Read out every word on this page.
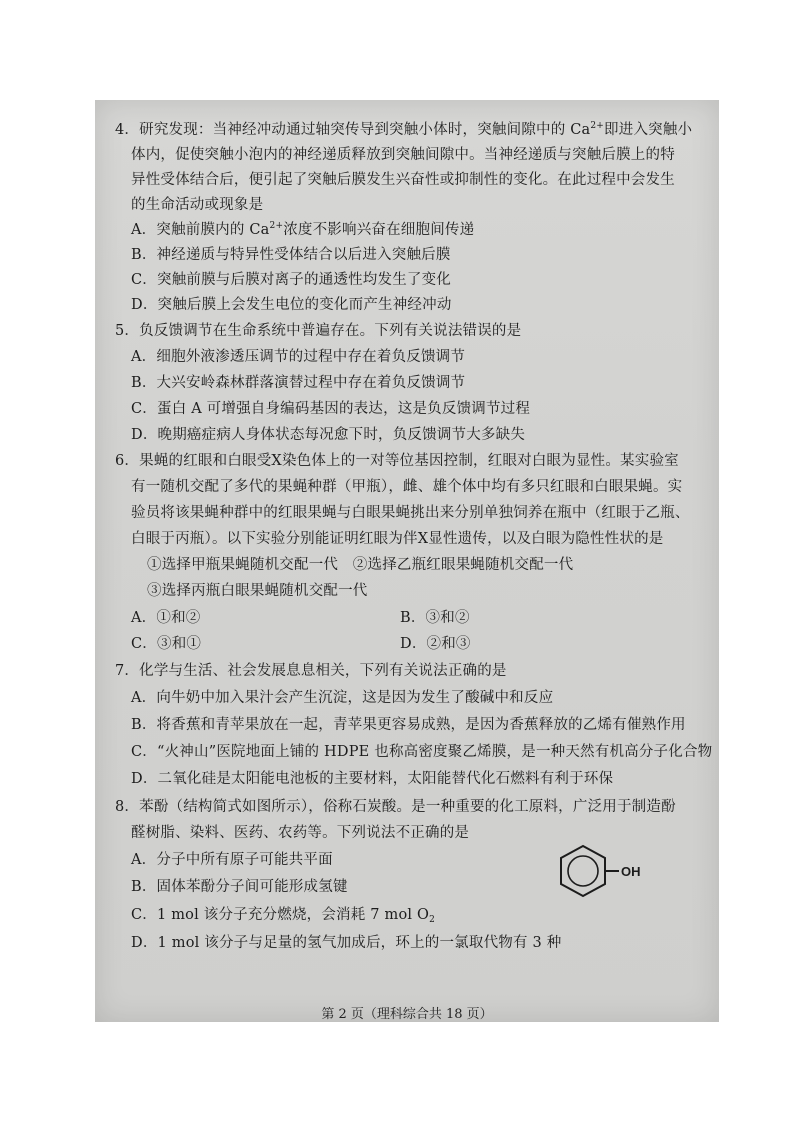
4．研究发现：当神经冲动通过轴突传导到突触小体时，突触间隙中的 $Ca^{2+}$即进入突触小
体内，促使突触小泡内的神经递质释放到突触间隙中。当神经递质与突触后膜上的特
异性受体结合后，便引起了突触后膜发生兴奋性或抑制性的变化。在此过程中会发生
的生命活动或现象是
A．突触前膜内的 $Ca^{2+}$浓度不影响兴奋在细胞间传递
B．神经递质与特异性受体结合以后进入突触后膜
C．突触前膜与后膜对离子的通透性均发生了变化
D．突触后膜上会发生电位的变化而产生神经冲动
5．负反馈调节在生命系统中普遍存在。下列有关说法错误的是
A．细胞外液渗透压调节的过程中存在着负反馈调节
B．大兴安岭森林群落演替过程中存在着负反馈调节
C．蛋白 A 可增强自身编码基因的表达，这是负反馈调节过程
D．晚期癌症病人身体状态每况愈下时，负反馈调节大多缺失
6．果蝇的红眼和白眼受X染色体上的一对等位基因控制，红眼对白眼为显性。某实验室
有一随机交配了多代的果蝇种群（甲瓶），雌、雄个体中均有多只红眼和白眼果蝇。实
验员将该果蝇种群中的红眼果蝇与白眼果蝇挑出来分别单独饲养在瓶中（红眼于乙瓶、
白眼于丙瓶）。以下实验分别能证明红眼为伴X显性遗传，以及白眼为隐性性状的是
①选择甲瓶果蝇随机交配一代　②选择乙瓶红眼果蝇随机交配一代
③选择丙瓶白眼果蝇随机交配一代
A．①和②	B．③和②
C．③和①	D．②和③
7．化学与生活、社会发展息息相关，下列有关说法正确的是
A．向牛奶中加入果汁会产生沉淀，这是因为发生了酸碱中和反应
B．将香蕉和青苹果放在一起，青苹果更容易成熟，是因为香蕉释放的乙烯有催熟作用
C．“火神山”医院地面上铺的 HDPE 也称高密度聚乙烯膜，是一种天然有机高分子化合物
D．二氧化硅是太阳能电池板的主要材料，太阳能替代化石燃料有利于环保
8．苯酚（结构简式如图所示），俗称石炭酸。是一种重要的化工原料，广泛用于制造酚
醛树脂、染料、医药、农药等。下列说法不正确的是
A．分子中所有原子可能共平面
B．固体苯酚分子间可能形成氢键
C．1 mol 该分子充分燃烧，会消耗 7 mol $O_2$
D．1 mol 该分子与足量的氢气加成后，环上的一氯取代物有 3 种
OH
第 2 页（理科综合共 18 页）
